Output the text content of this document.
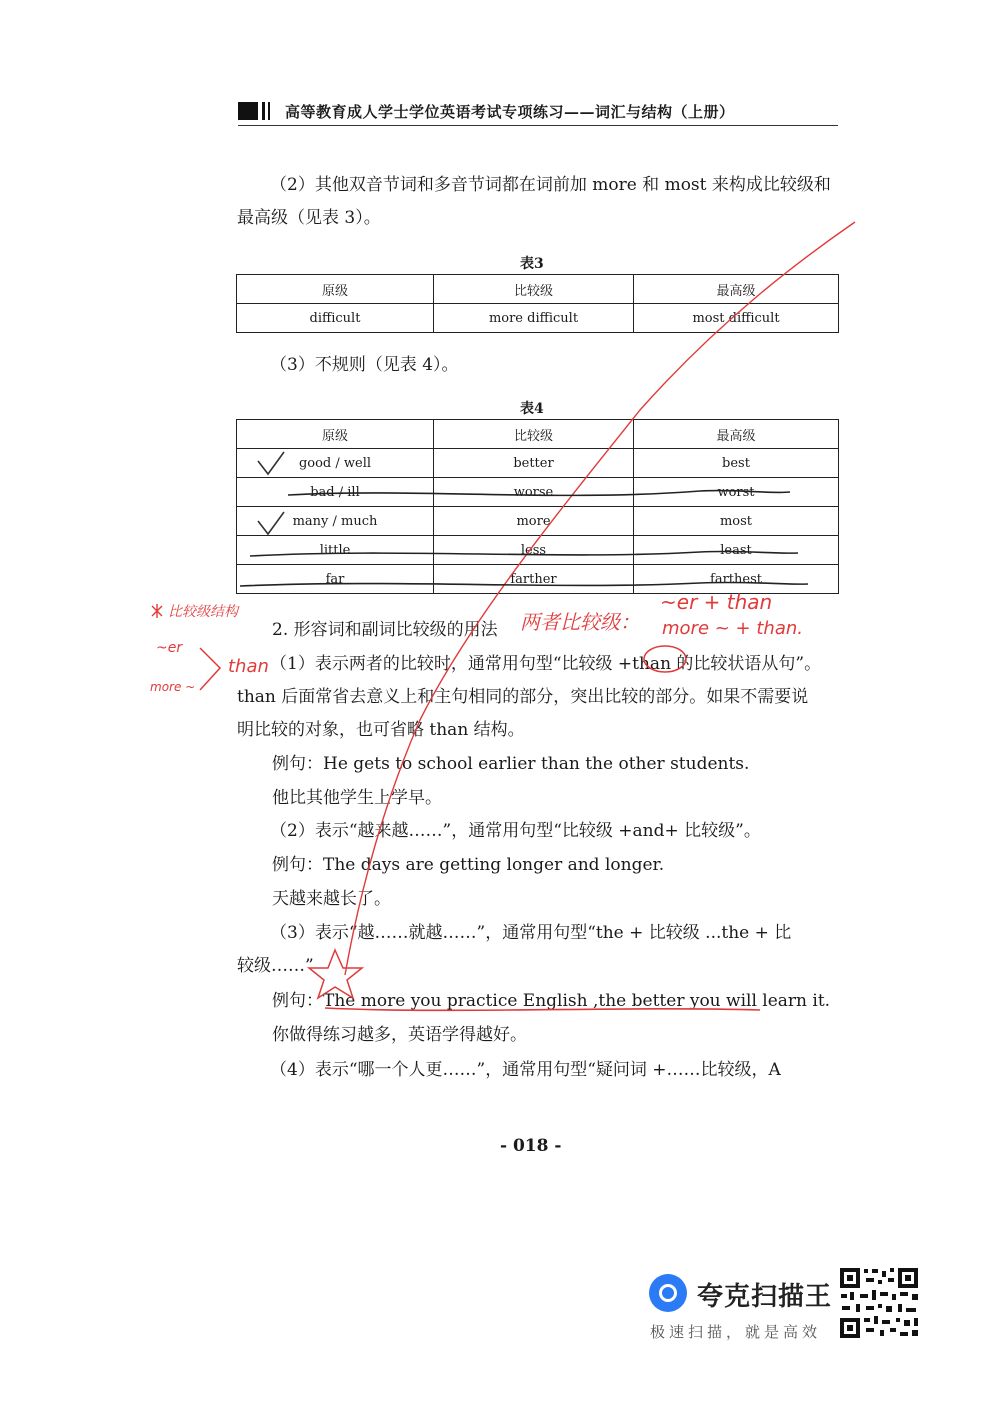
高等教育成人学士学位英语考试专项练习——词汇与结构（上册）
（2）其他双音节词和多音节词都在词前加 more 和 most 来构成比较级和
最高级（见表 3）。
表3
原级	比较级	最高级
difficult	more difficult	most difficult
（3）不规则（见表 4）。
表4
原级	比较级	最高级
good / well	better	best
bad / ill	worse	worst
many / much	more	most
little	less	least
far	farther	farthest
2. 形容词和副词比较级的用法
（1）表示两者的比较时，通常用句型“比较级 +than 的比较状语从句”。
than 后面常省去意义上和主句相同的部分，突出比较的部分。如果不需要说
明比较的对象，也可省略 than 结构。
例句：He gets to school earlier than the other students.
他比其他学生上学早。
（2）表示“越来越……”，通常用句型“比较级 +and+ 比较级”。
例句：The days are getting longer and longer.
天越来越长了。
（3）表示“越……就越……”，通常用句型“the + 比较级 ...the + 比
较级……”
例句：The more you practice English ,the better you will learn it.
你做得练习越多，英语学得越好。
（4）表示“哪一个人更……”，通常用句型“疑问词 +……比较级，A
- 018 -
比较级结构
~er
more ~
than
两者比较级：
~er + than
more ~ + than.
夸克扫描王
极速扫描，就是高效
